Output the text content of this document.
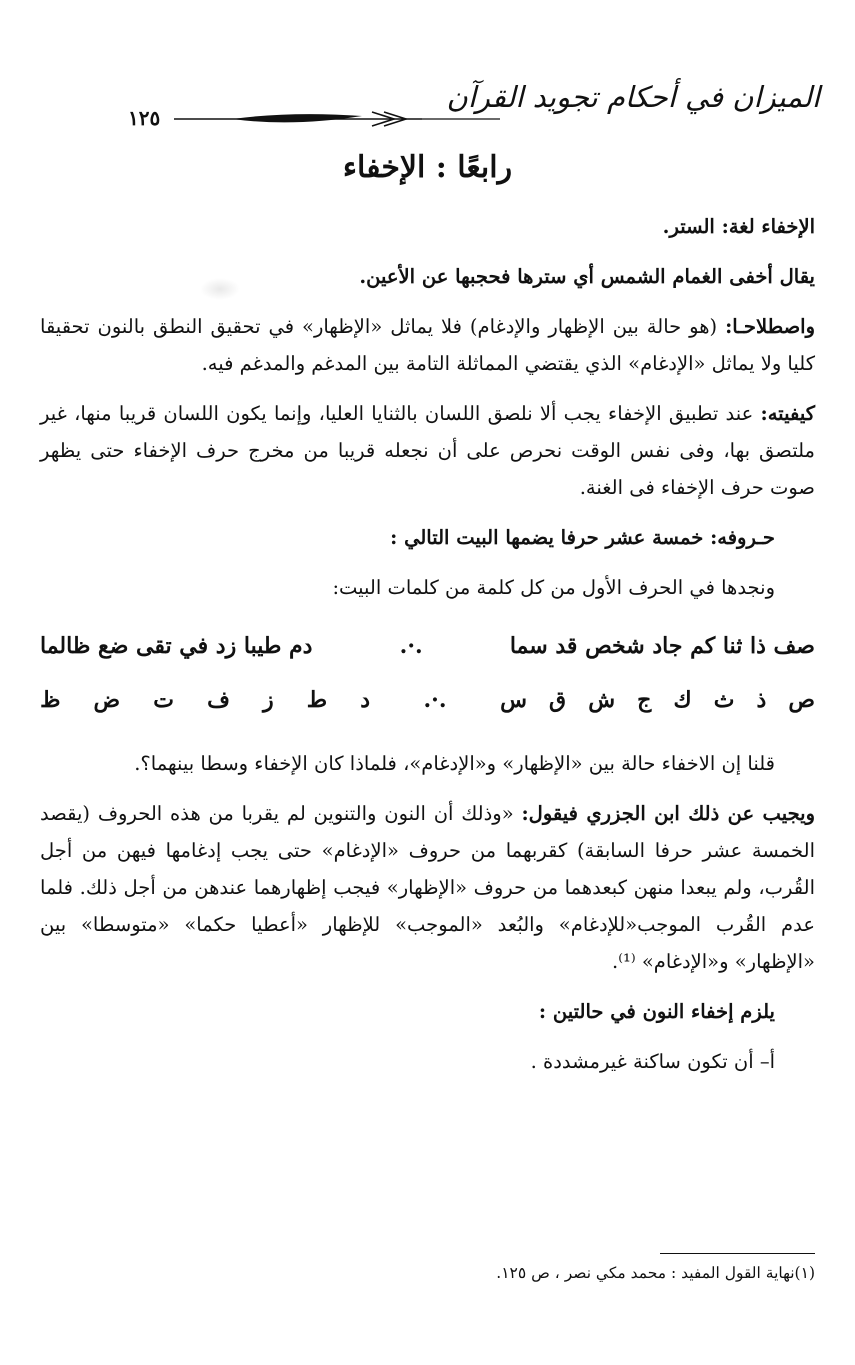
الميزان في أحكام تجويد القرآن
١٢٥
رابعًا : الإخفاء

الإخفاء لغة: الستر.

يقال أخفى الغمام الشمس أي سترها فحجبها عن الأعين.

واصطلاحـا: (هو حالة بين الإظهار والإدغام) فلا يماثل «الإظهار» في تحقيق النطق بالنون تحقيقا كليا ولا يماثل «الإدغام» الذي يقتضي المماثلة التامة بين المدغم والمدغم فيه.

كيفيته: عند تطبيق الإخفاء يجب ألا نلصق اللسان بالثنايا العليا، وإنما يكون اللسان قريبا منها، غير ملتصق بها، وفى نفس الوقت نحرص على أن نجعله قريبا من مخرج حرف الإخفاء حتى يظهر صوت حرف الإخفاء فى الغنة.

حـروفه: خمسة عشر حرفا يضمها البيت التالي :

ونجدها في الحرف الأول من كل كلمة من كلمات البيت:

صف ذا ثنا كم جاد شخص قد سما
.·.
دم طيبا زد في تقى ضع ظالما
ص
ذ
ث
ك
ج
ش
ق
س
.·.
د
ط
ز
ف
ت
ض
ظ

قلنا إن الاخفاء حالة بين «الإظهار» و«الإدغام»، فلماذا كان الإخفاء وسطا بينهما؟.

ويجيب عن ذلك ابن الجزري فيقول: «وذلك أن النون والتنوين لم يقربا من هذه الحروف (يقصد الخمسة عشر حرفا السابقة) كقربهما من حروف «الإدغام» حتى يجب إدغامها فيهن من أجل القُرب، ولم يبعدا منهن كبعدهما من حروف «الإظهار» فيجب إظهارهما عندهن من أجل ذلك. فلما عدم القُرب الموجب«للإدغام» والبُعد «الموجب» للإظهار «أعطيا حكما» «متوسطا» بين «الإظهار» و«الإدغام» ⁽¹⁾.

يلزم إخفاء النون في حالتين :

أ– أن تكون ساكنة غيرمشددة .

(١)نهاية القول المفيد : محمد مكي نصر ، ص ١٢٥.
